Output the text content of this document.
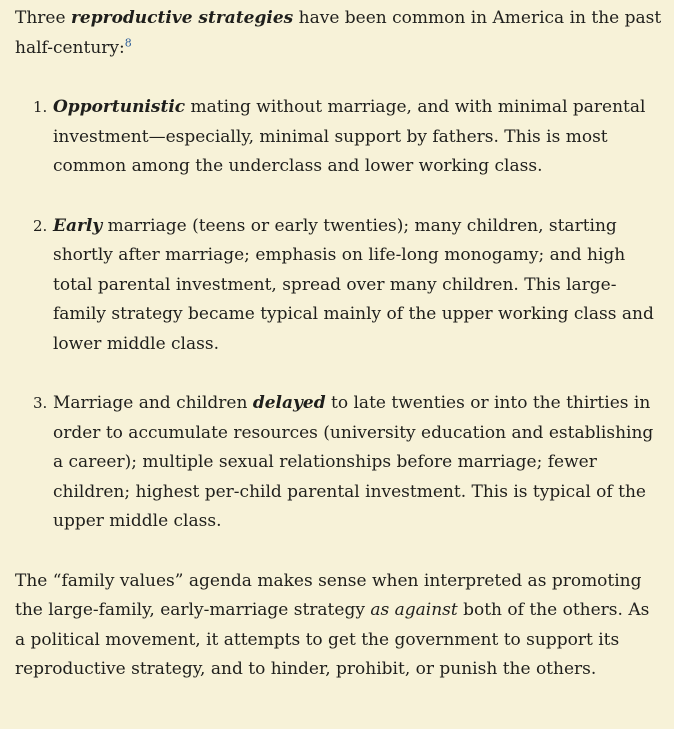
Three reproductive strategies have been common in America in the past half-century:$^8$

1. Opportunistic mating without marriage, and with minimal parental investment—especially, minimal support by fathers. This is most common among the underclass and lower working class.
2. Early marriage (teens or early twenties); many children, starting shortly after marriage; emphasis on life-long monogamy; and high total parental investment, spread over many children. This large-family strategy became typical mainly of the upper working class and lower middle class.
3. Marriage and children delayed to late twenties or into the thirties in order to accumulate resources (university education and establishing a career); multiple sexual relationships before marriage; fewer children; highest per-child parental investment. This is typical of the upper middle class.

The “family values” agenda makes sense when interpreted as promoting the large-family, early-marriage strategy as against both of the others. As a political movement, it attempts to get the government to support its reproductive strategy, and to hinder, prohibit, or punish the others.
